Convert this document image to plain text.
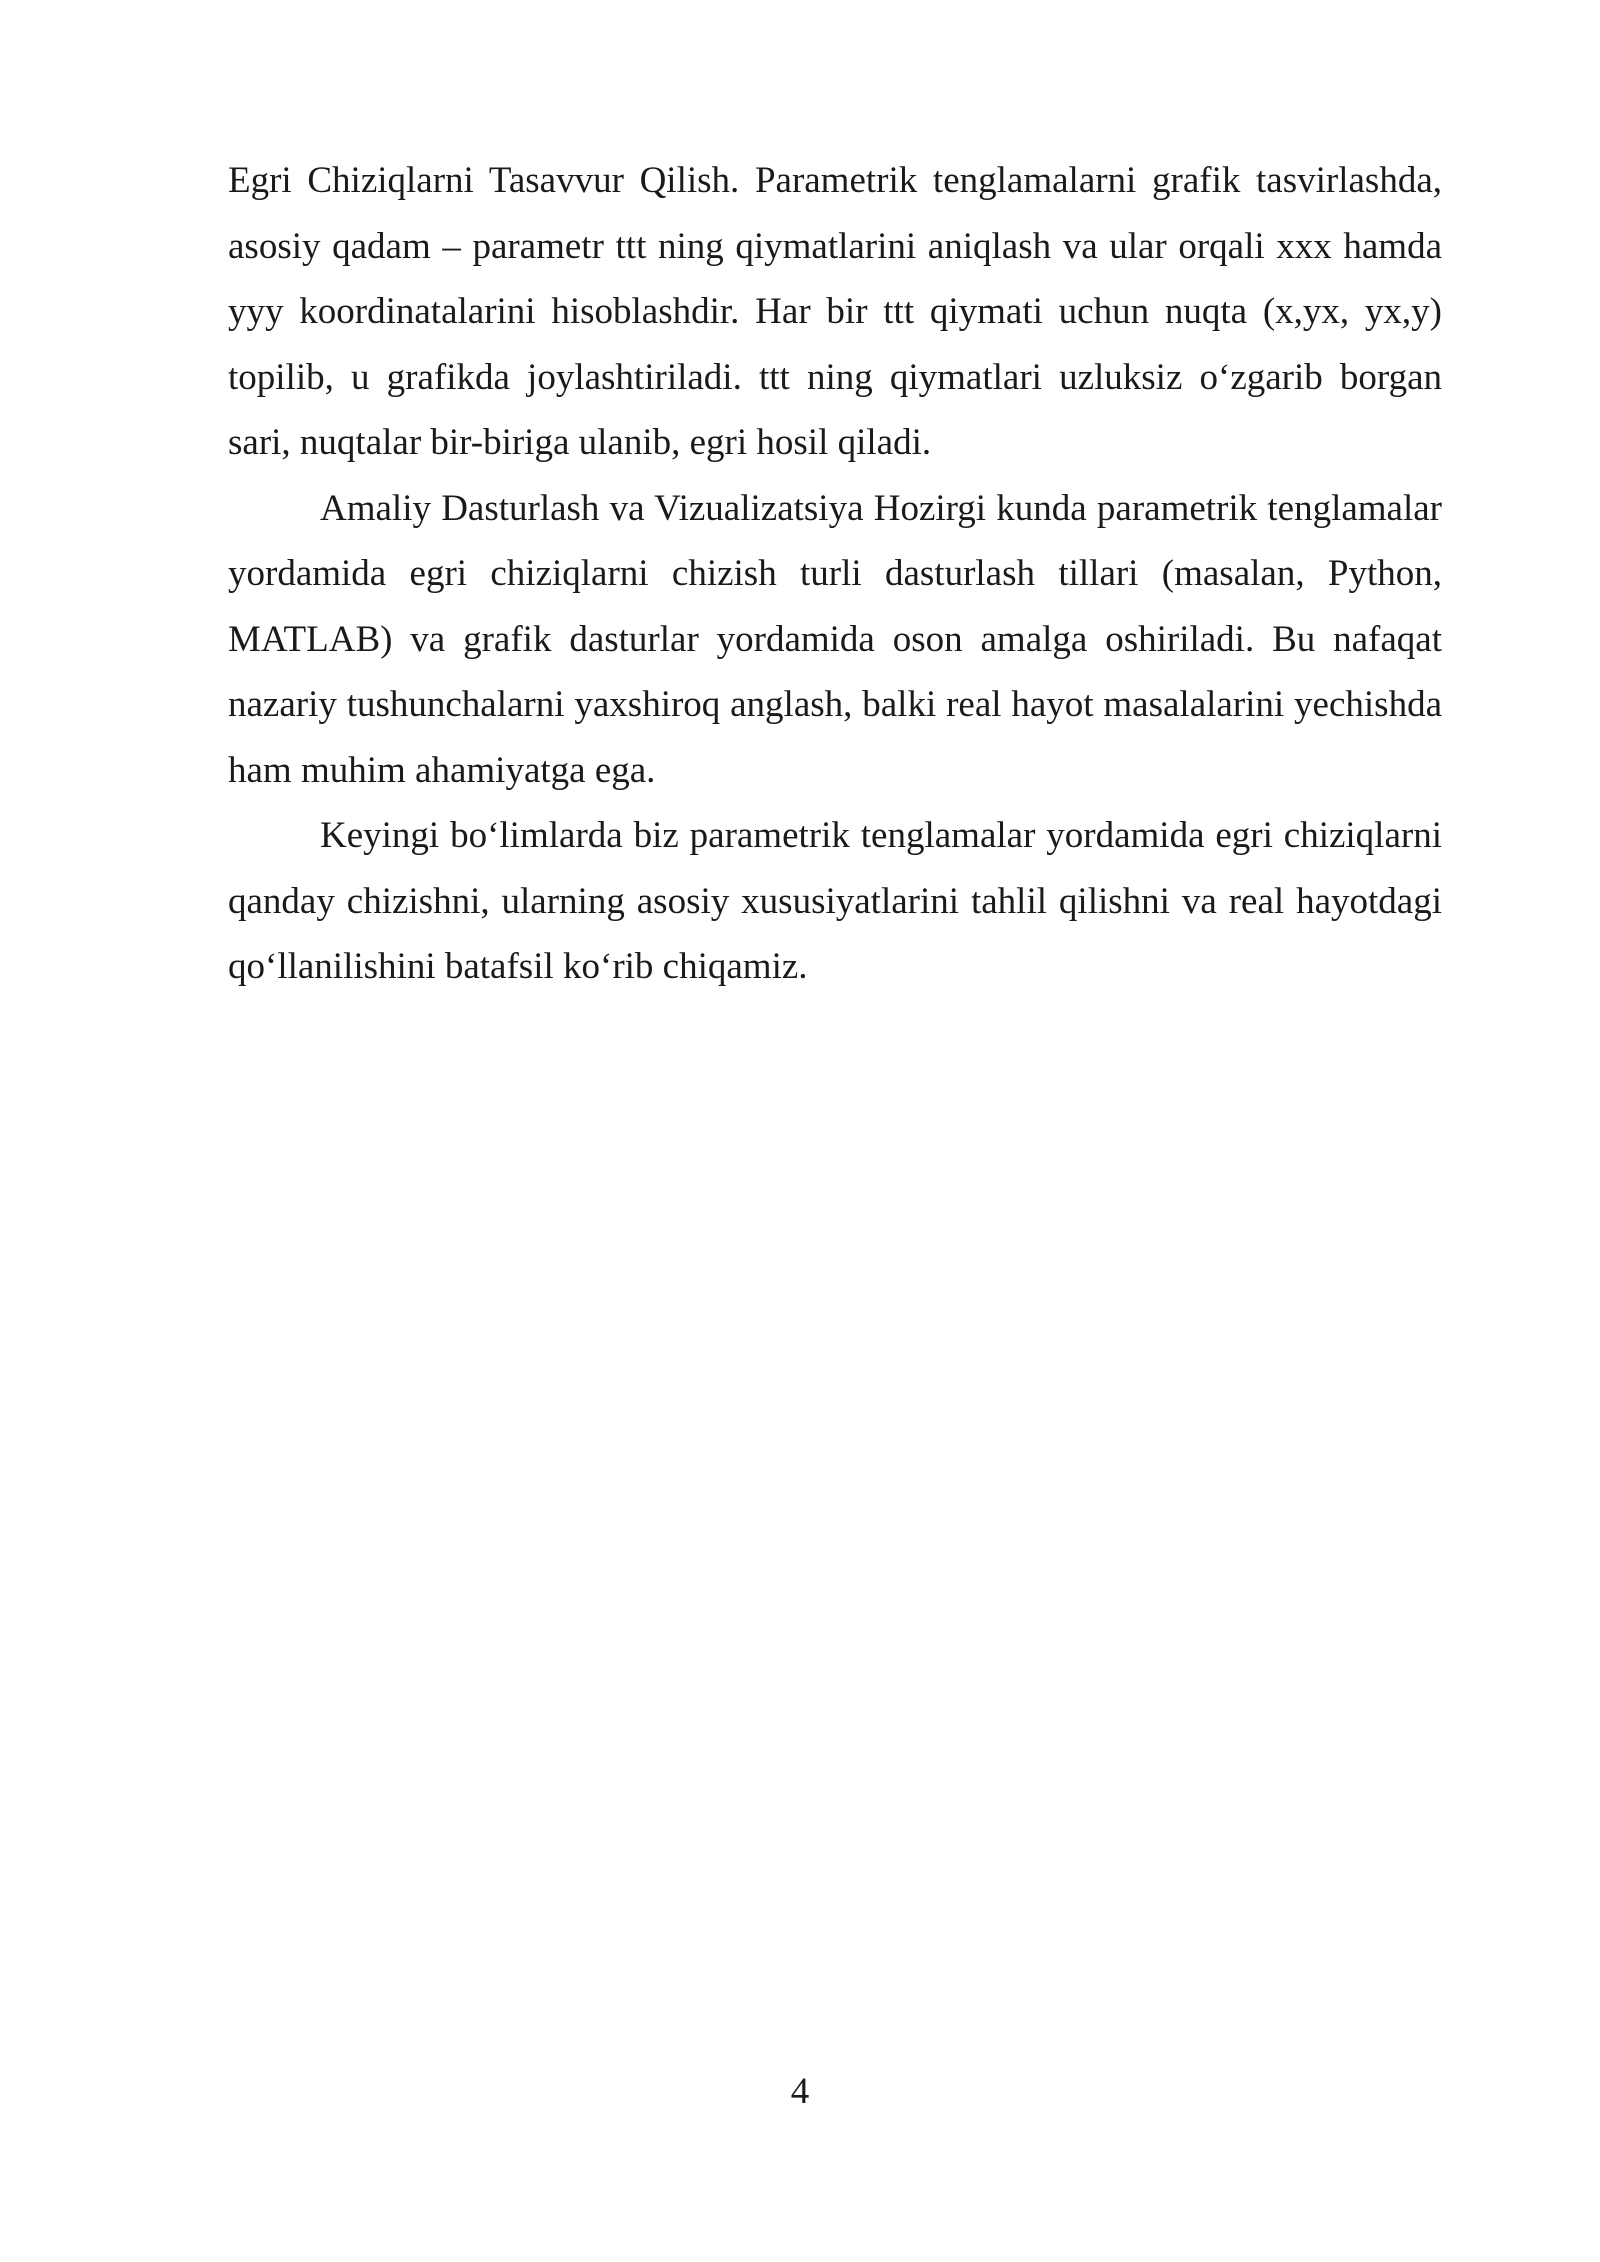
Egri Chiziqlarni Tasavvur Qilish. Parametrik tenglamalarni grafik tasvirlashda, asosiy qadam – parametr ttt ning qiymatlarini aniqlash va ular orqali xxx hamda yyy koordinatalarini hisoblashdir. Har bir ttt qiymati uchun nuqta (x,yx, yx,y) topilib, u grafikda joylashtiriladi. ttt ning qiymatlari uzluksiz o‘zgarib borgan sari, nuqtalar bir-biriga ulanib, egri hosil qiladi.

Amaliy Dasturlash va Vizualizatsiya Hozirgi kunda parametrik tenglamalar yordamida egri chiziqlarni chizish turli dasturlash tillari (masalan, Python, MATLAB) va grafik dasturlar yordamida oson amalga oshiriladi. Bu nafaqat nazariy tushunchalarni yaxshiroq anglash, balki real hayot masalalarini yechishda ham muhim ahamiyatga ega.

Keyingi bo‘limlarda biz parametrik tenglamalar yordamida egri chiziqlarni qanday chizishni, ularning asosiy xususiyatlarini tahlil qilishni va real hayotdagi qo‘llanilishini batafsil ko‘rib chiqamiz.

4
